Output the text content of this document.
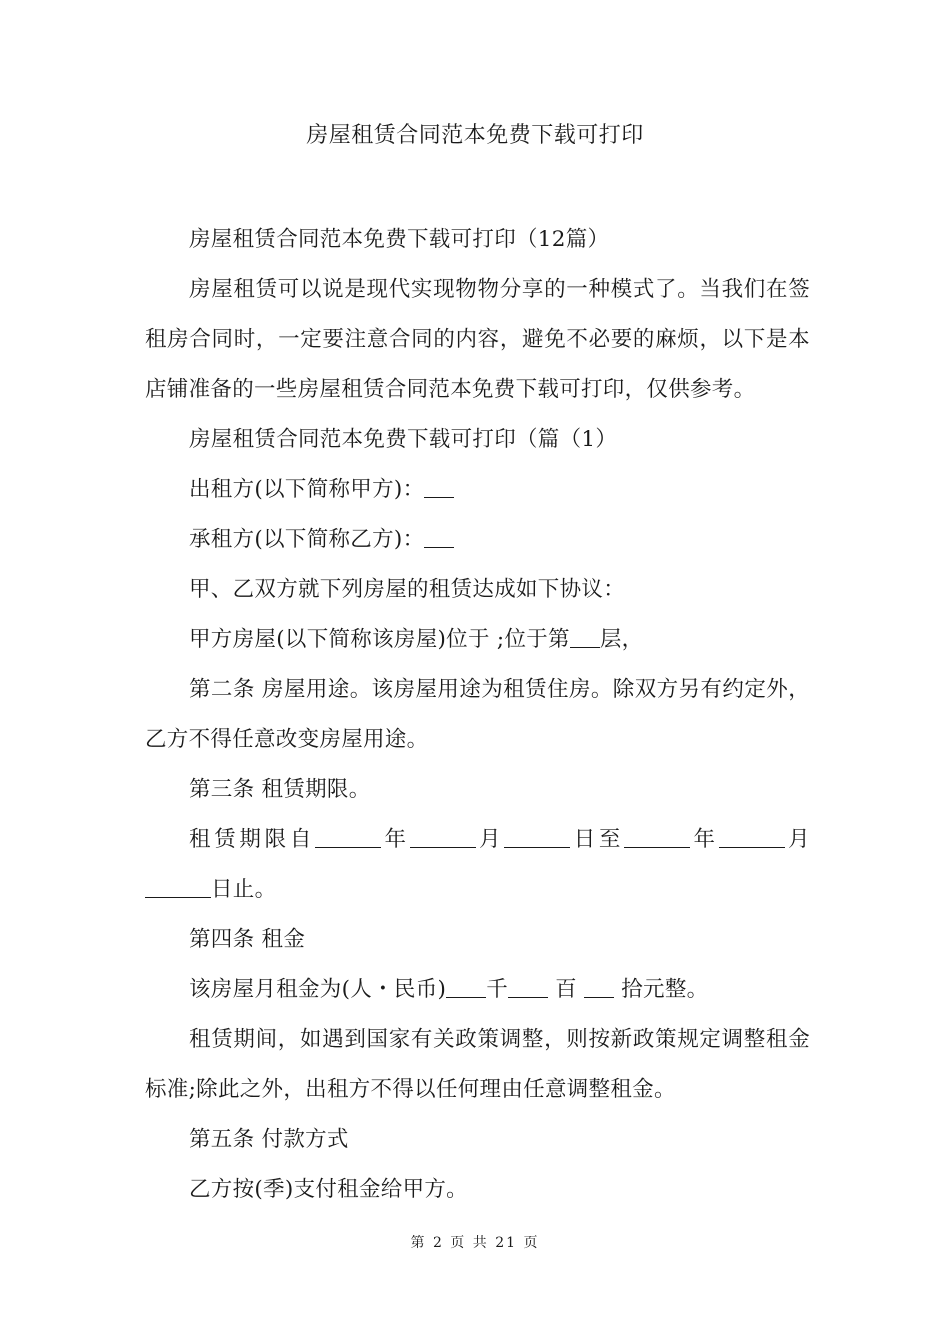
房屋租赁合同范本免费下载可打印

房屋租赁合同范本免费下载可打印（12篇）

房屋租赁可以说是现代实现物物分享的一种模式了。当我们在签租房合同时，一定要注意合同的内容，避免不必要的麻烦，以下是本店铺准备的一些房屋租赁合同范本免费下载可打印，仅供参考。

房屋租赁合同范本免费下载可打印（篇（1）

出租方(以下简称甲方)：

承租方(以下简称乙方)：

甲、乙双方就下列房屋的租赁达成如下协议：

甲方房屋(以下简称该房屋)位于 ;位于第 层，

第二条 房屋用途。该房屋用途为租赁住房。除双方另有约定外，乙方不得任意改变房屋用途。

第三条 租赁期限。

租赁期限自	年	月	日至	年	月日止。

第四条 租金

该房屋月租金为(人・民币) 千 百  拾元整。

租赁期间，如遇到国家有关政策调整，则按新政策规定调整租金标准;除此之外，出租方不得以任何理由任意调整租金。

第五条 付款方式

乙方按(季)支付租金给甲方。

第 2 页 共 21 页
